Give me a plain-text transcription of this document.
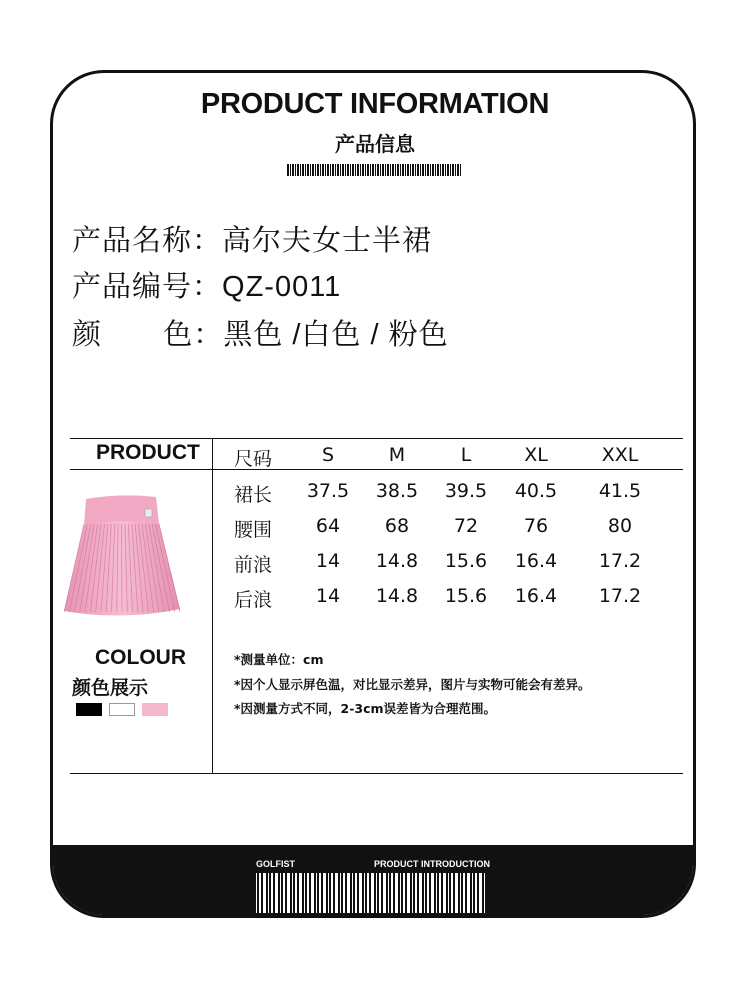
PRODUCT INFORMATION
产品信息
产品名称：高尔夫女士半裙
产品编号：QZ-0011
颜      色：黑色 /白色 / 粉色
PRODUCT 尺码	S	M	L	XL	XXL
裙长	37.5	38.5	39.5	40.5	41.5
腰围	64	68	72	76	80
前浪	14	14.8	15.6	16.4	17.2
后浪	14	14.8	15.6	16.4	17.2
COLOUR
颜色展示
*测量单位：cm
*因个人显示屏色温，对比显示差异，图片与实物可能会有差异。
*因测量方式不同，2-3cm误差皆为合理范围。
GOLFIST	PRODUCT INTRODUCTION
